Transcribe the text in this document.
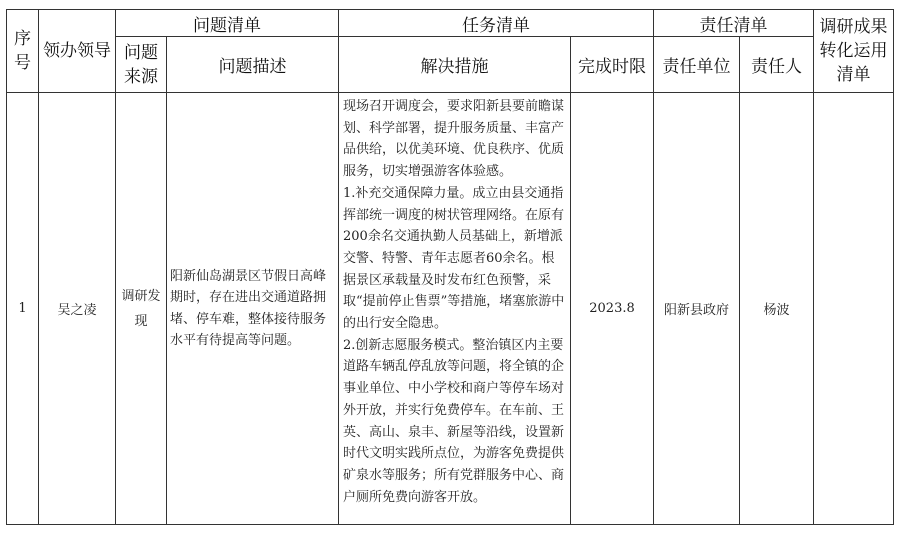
序号	领办领导	问题清单		任务清单		责任清单		调研成果转化运用清单
		问题来源	问题描述	解决措施	完成时限	责任单位	责任人	
1	吴之凌	调研发现	阳新仙岛湖景区节假日高峰期时，存在进出交通道路拥堵、停车难，整体接待服务水平有待提高等问题。	现场召开调度会，要求阳新县要前瞻谋划、科学部署，提升服务质量、丰富产品供给，以优美环境、优良秩序、优质服务，切实增强游客体验感。
1.补充交通保障力量。成立由县交通指挥部统一调度的树状管理网络。在原有200余名交通执勤人员基础上，新增派交警、特警、青年志愿者60余名。根据景区承载量及时发布红色预警，采取“提前停止售票”等措施，堵塞旅游中的出行安全隐患。
2.创新志愿服务模式。整治镇区内主要道路车辆乱停乱放等问题，将全镇的企事业单位、中小学校和商户等停车场对外开放，并实行免费停车。在车前、王英、高山、泉丰、新屋等沿线，设置新时代文明实践所点位，为游客免费提供矿泉水等服务；所有党群服务中心、商户厕所免费向游客开放。	2023.8	阳新县政府	杨波	
